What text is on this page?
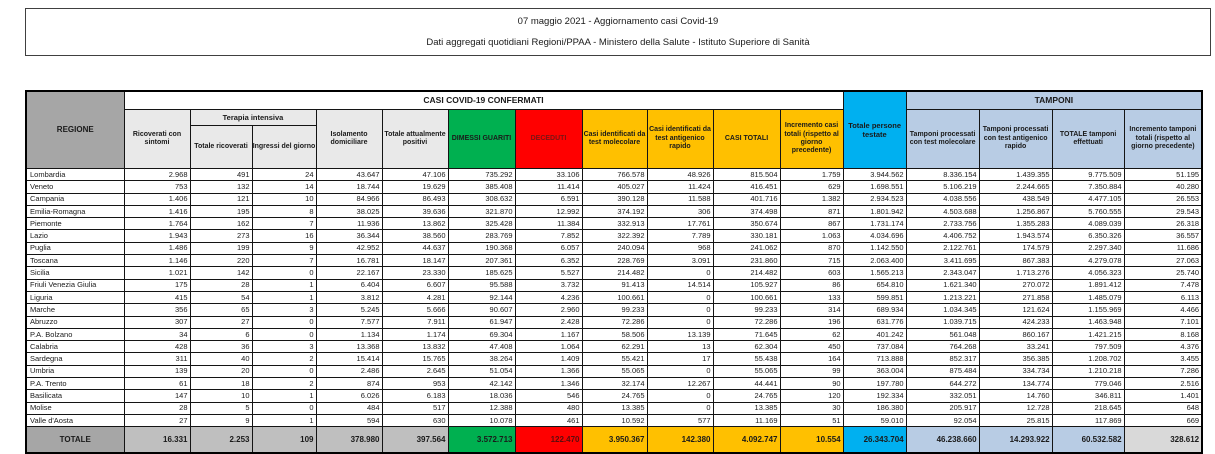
07 maggio 2021 - Aggiornamento casi Covid-19
Dati aggregati quotidiani Regioni/PPAA - Ministero della Salute - Istituto Superiore di Sanità
REGIONE	CASI COVID-19 CONFERMATI											Totale persone testate	TAMPONI			
	Ricoverati con sintomi	Terapia intensiva		Isolamento domiciliare	Totale attualmente positivi	DIMESSI GUARITI	DECEDUTI	Casi identificati da test molecolare	Casi identificati da test antigenico rapido	CASI TOTALI	Incremento casi totali (rispetto al giorno precedente)		Tamponi processati con test molecolare	Tamponi processati con test antigenico rapido	TOTALE tamponi effettuati	Incremento tamponi totali (rispetto al giorno precedente)
		Totale ricoverati	Ingressi del giorno													
Lombardia	2.968	491	24	43.647	47.106	735.292	33.106	766.578	48.926	815.504	1.759	3.944.562	8.336.154	1.439.355	9.775.509	51.195
Veneto	753	132	14	18.744	19.629	385.408	11.414	405.027	11.424	416.451	629	1.698.551	5.106.219	2.244.665	7.350.884	40.280
Campania	1.406	121	10	84.966	86.493	308.632	6.591	390.128	11.588	401.716	1.382	2.934.523	4.038.556	438.549	4.477.105	26.553
Emilia-Romagna	1.416	195	8	38.025	39.636	321.870	12.992	374.192	306	374.498	871	1.801.942	4.503.688	1.256.867	5.760.555	29.543
Piemonte	1.764	162	7	11.936	13.862	325.428	11.384	332.913	17.761	350.674	867	1.731.174	2.733.756	1.355.283	4.089.039	26.318
Lazio	1.943	273	16	36.344	38.560	283.769	7.852	322.392	7.789	330.181	1.063	4.034.696	4.406.752	1.943.574	6.350.326	36.557
Puglia	1.486	199	9	42.952	44.637	190.368	6.057	240.094	968	241.062	870	1.142.550	2.122.761	174.579	2.297.340	11.686
Toscana	1.146	220	7	16.781	18.147	207.361	6.352	228.769	3.091	231.860	715	2.063.400	3.411.695	867.383	4.279.078	27.063
Sicilia	1.021	142	0	22.167	23.330	185.625	5.527	214.482	0	214.482	603	1.565.213	2.343.047	1.713.276	4.056.323	25.740
Friuli Venezia Giulia	175	28	1	6.404	6.607	95.588	3.732	91.413	14.514	105.927	86	654.810	1.621.340	270.072	1.891.412	7.478
Liguria	415	54	1	3.812	4.281	92.144	4.236	100.661	0	100.661	133	599.851	1.213.221	271.858	1.485.079	6.113
Marche	356	65	3	5.245	5.666	90.607	2.960	99.233	0	99.233	314	689.934	1.034.345	121.624	1.155.969	4.466
Abruzzo	307	27	0	7.577	7.911	61.947	2.428	72.286	0	72.286	196	631.776	1.039.715	424.233	1.463.948	7.101
P.A. Bolzano	34	6	0	1.134	1.174	69.304	1.167	58.506	13.139	71.645	62	401.242	561.048	860.167	1.421.215	8.168
Calabria	428	36	3	13.368	13.832	47.408	1.064	62.291	13	62.304	450	737.084	764.268	33.241	797.509	4.376
Sardegna	311	40	2	15.414	15.765	38.264	1.409	55.421	17	55.438	164	713.888	852.317	356.385	1.208.702	3.455
Umbria	139	20	0	2.486	2.645	51.054	1.366	55.065	0	55.065	99	363.004	875.484	334.734	1.210.218	7.286
P.A. Trento	61	18	2	874	953	42.142	1.346	32.174	12.267	44.441	90	197.780	644.272	134.774	779.046	2.516
Basilicata	147	10	1	6.026	6.183	18.036	546	24.765	0	24.765	120	192.334	332.051	14.760	346.811	1.401
Molise	28	5	0	484	517	12.388	480	13.385	0	13.385	30	186.380	205.917	12.728	218.645	648
Valle d'Aosta	27	9	1	594	630	10.078	461	10.592	577	11.169	51	59.010	92.054	25.815	117.869	669
TOTALE	16.331	2.253	109	378.980	397.564	3.572.713	122.470	3.950.367	142.380	4.092.747	10.554	26.343.704	46.238.660	14.293.922	60.532.582	328.612
